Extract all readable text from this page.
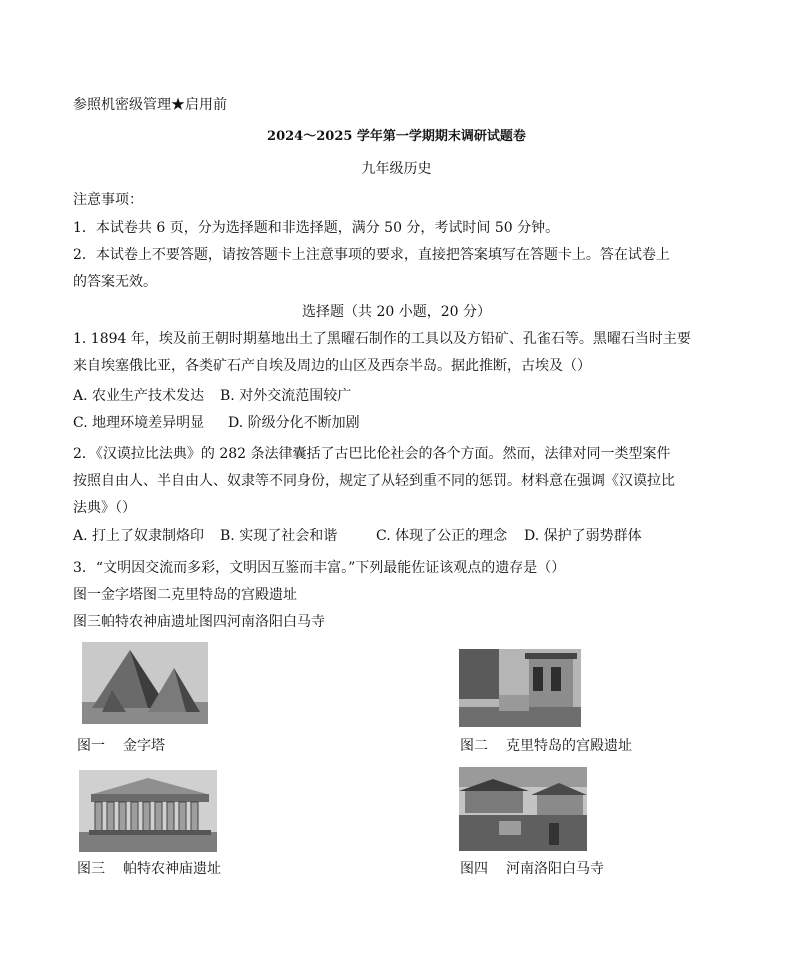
参照机密级管理★启用前
2024～2025 学年第一学期期末调研试题卷
九年级历史
注意事项：
1．本试卷共 6 页，分为选择题和非选择题，满分 50 分，考试时间 50 分钟。
2．本试卷上不要答题，请按答题卡上注意事项的要求，直接把答案填写在答题卡上。答在试卷上
的答案无效。
选择题（共 20 小题，20 分）
1. 1894 年，埃及前王朝时期墓地出土了黑曜石制作的工具以及方铅矿、孔雀石等。黑曜石当时主要
来自埃塞俄比亚，各类矿石产自埃及周边的山区及西奈半岛。据此推断，古埃及（）
A. 农业生产技术发达 B. 对外交流范围较广
C. 地理环境差异明显 D. 阶级分化不断加剧
2．《汉谟拉比法典》的 282 条法律囊括了古巴比伦社会的各个方面。然而，法律对同一类型案件
按照自由人、半自由人、奴隶等不同身份，规定了从轻到重不同的惩罚。材料意在强调《汉谟拉比
法典》（）
A. 打上了奴隶制烙印 B. 实现了社会和谐	C. 体现了公正的理念 D. 保护了弱势群体
3．“文明因交流而多彩，文明因互鉴而丰富。”下列最能佐证该观点的遗存是（）
图一金字塔图二克里特岛的宫殿遗址
图三帕特农神庙遗址图四河南洛阳白马寺
图一 金字塔	图二 克里特岛的宫殿遗址
图三 帕特农神庙遗址	图四 河南洛阳白马寺
